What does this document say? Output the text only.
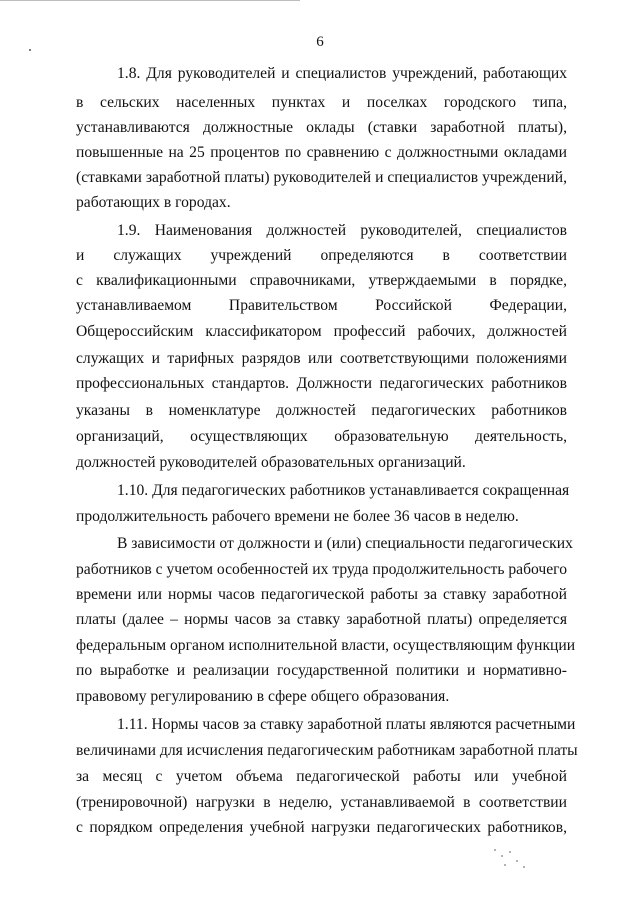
6
1.8. Для руководителей и специалистов учреждений, работающих
в сельских населенных пунктах и поселках городского типа,
устанавливаются должностные оклады (ставки заработной платы),
повышенные на 25 процентов по сравнению с должностными окладами
(ставками заработной платы) руководителей и специалистов учреждений,
работающих в городах.
1.9. Наименования должностей руководителей, специалистов
и служащих учреждений определяются в соответствии
с квалификационными справочниками, утверждаемыми в порядке,
устанавливаемом Правительством Российской Федерации,
Общероссийским классификатором профессий рабочих, должностей
служащих и тарифных разрядов или соответствующими положениями
профессиональных стандартов. Должности педагогических работников
указаны в номенклатуре должностей педагогических работников
организаций, осуществляющих образовательную деятельность,
должностей руководителей образовательных организаций.
1.10. Для педагогических работников устанавливается сокращенная
продолжительность рабочего времени не более 36 часов в неделю.
В зависимости от должности и (или) специальности педагогических
работников с учетом особенностей их труда продолжительность рабочего
времени или нормы часов педагогической работы за ставку заработной
платы (далее – нормы часов за ставку заработной платы) определяется
федеральным органом исполнительной власти, осуществляющим функции
по выработке и реализации государственной политики и нормативно-
правовому регулированию в сфере общего образования.
1.11. Нормы часов за ставку заработной платы являются расчетными
величинами для исчисления педагогическим работникам заработной платы
за месяц с учетом объема педагогической работы или учебной
(тренировочной) нагрузки в неделю, устанавливаемой в соответствии
с порядком определения учебной нагрузки педагогических работников,
